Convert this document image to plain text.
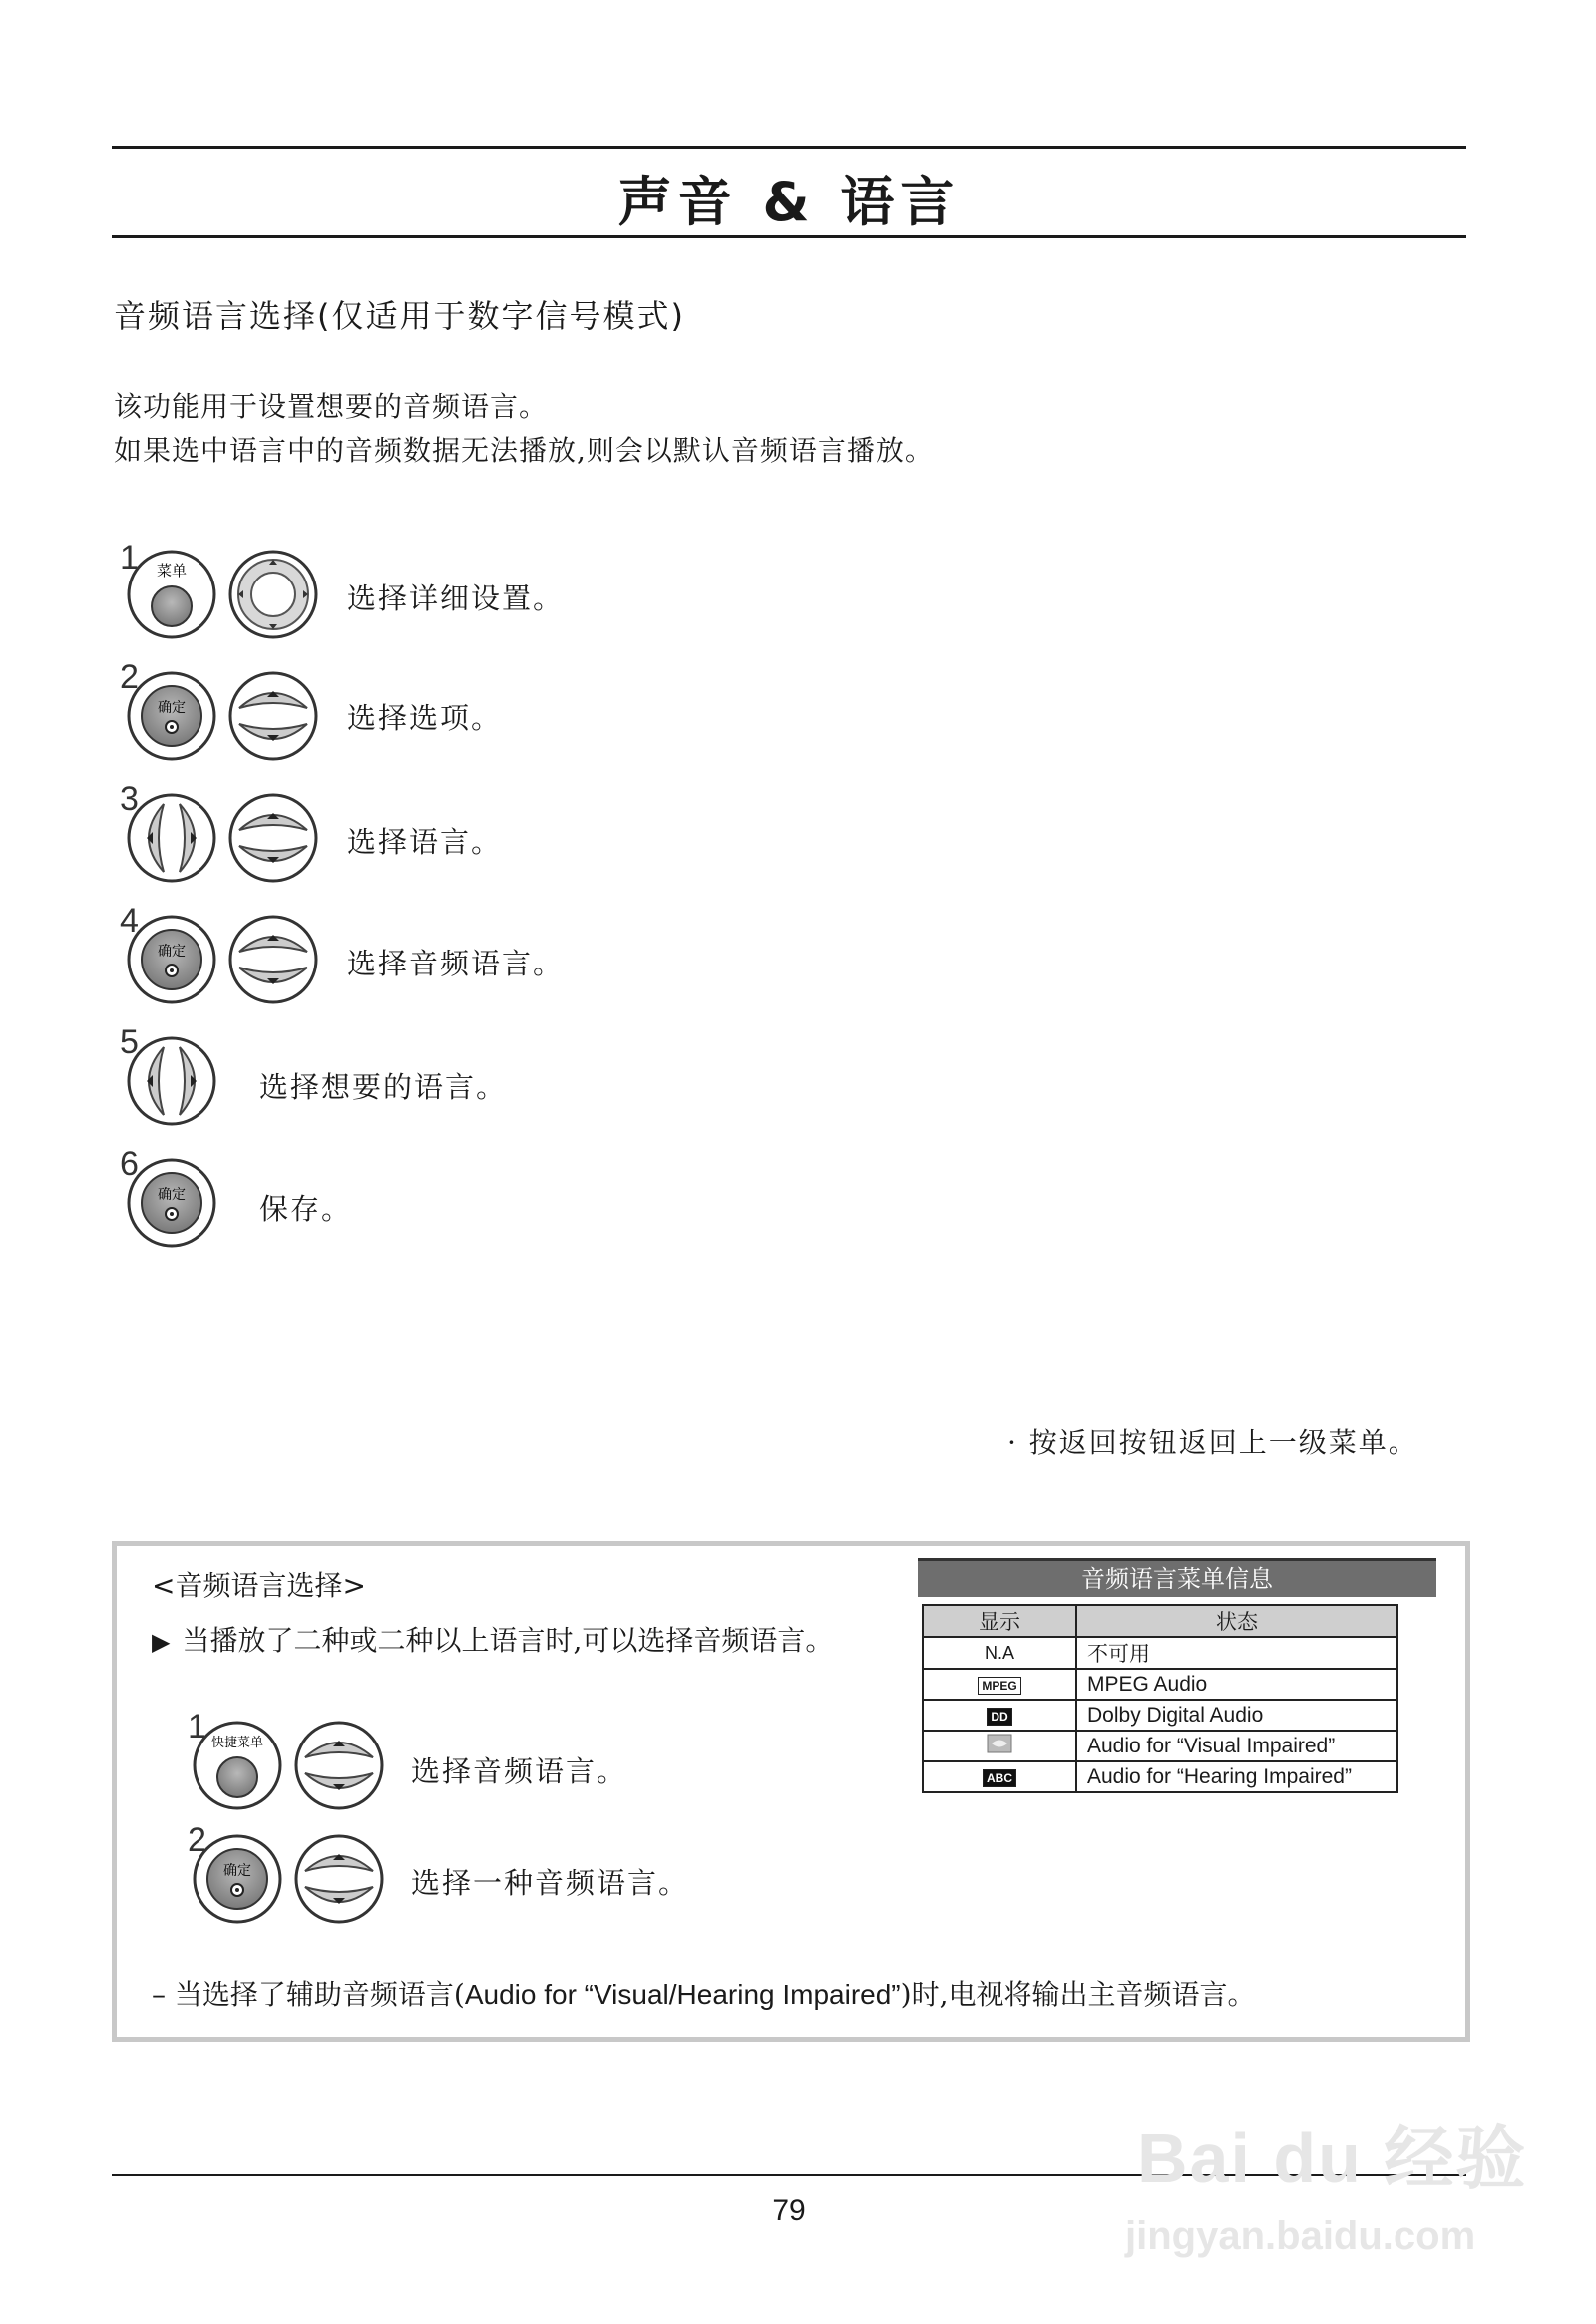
声音 & 语言
音频语言选择(仅适用于数字信号模式)
该功能用于设置想要的音频语言。
如果选中语言中的音频数据无法播放,则会以默认音频语言播放。
1 菜单
选择详细设置。
2
确定	选择选项。
3
选择语言。
4
确定	选择音频语言。
5
选择想要的语言。
6
确定	保存。
· 按返回按钮返回上一级菜单。
<音频语言选择>
▶ 当播放了二种或二种以上语言时,可以选择音频语言。
1 快捷菜单
选择音频语言。
2
确定	选择一种音频语言。
– 当选择了辅助音频语言(Audio for “Visual/Hearing Impaired”)时,电视将输出主音频语言。
音频语言菜单信息
显示	状态
N.A	不可用
MPEG	MPEG Audio
DD	Dolby Digital Audio
	Audio for “Visual Impaired”
ABC	Audio for “Hearing Impaired”
Bai du 经验
79
jingyan.baidu.com
